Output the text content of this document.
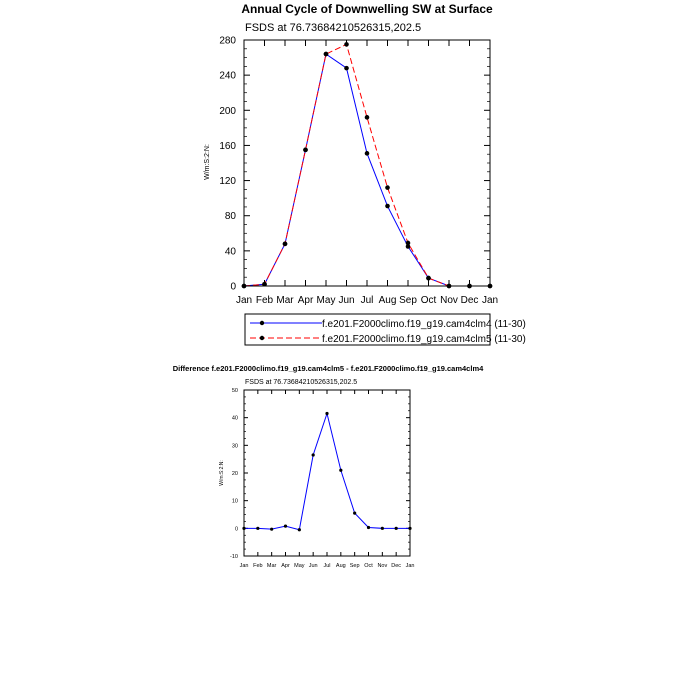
Annual Cycle of Downwelling SW at Surface
FSDS at 76.73684210526315,202.5
W/m:S:2:N:
Jan Feb Mar Apr May Jun Jul Aug Sep Oct Nov Dec Jan
0
40
80
120
160
200
240
280
f.e201.F2000climo.f19_g19.cam4clm4 (11-30)
f.e201.F2000climo.f19_g19.cam4clm5 (11-30)
Difference f.e201.F2000climo.f19_g19.cam4clm5 - f.e201.F2000climo.f19_g19.cam4clm4
FSDS at 76.73684210526315,202.5
W/m:S:2:N:
Jan Feb Mar Apr May Jun Jul Aug Sep Oct Nov Dec Jan
-10
0
10
20
30
40
50
